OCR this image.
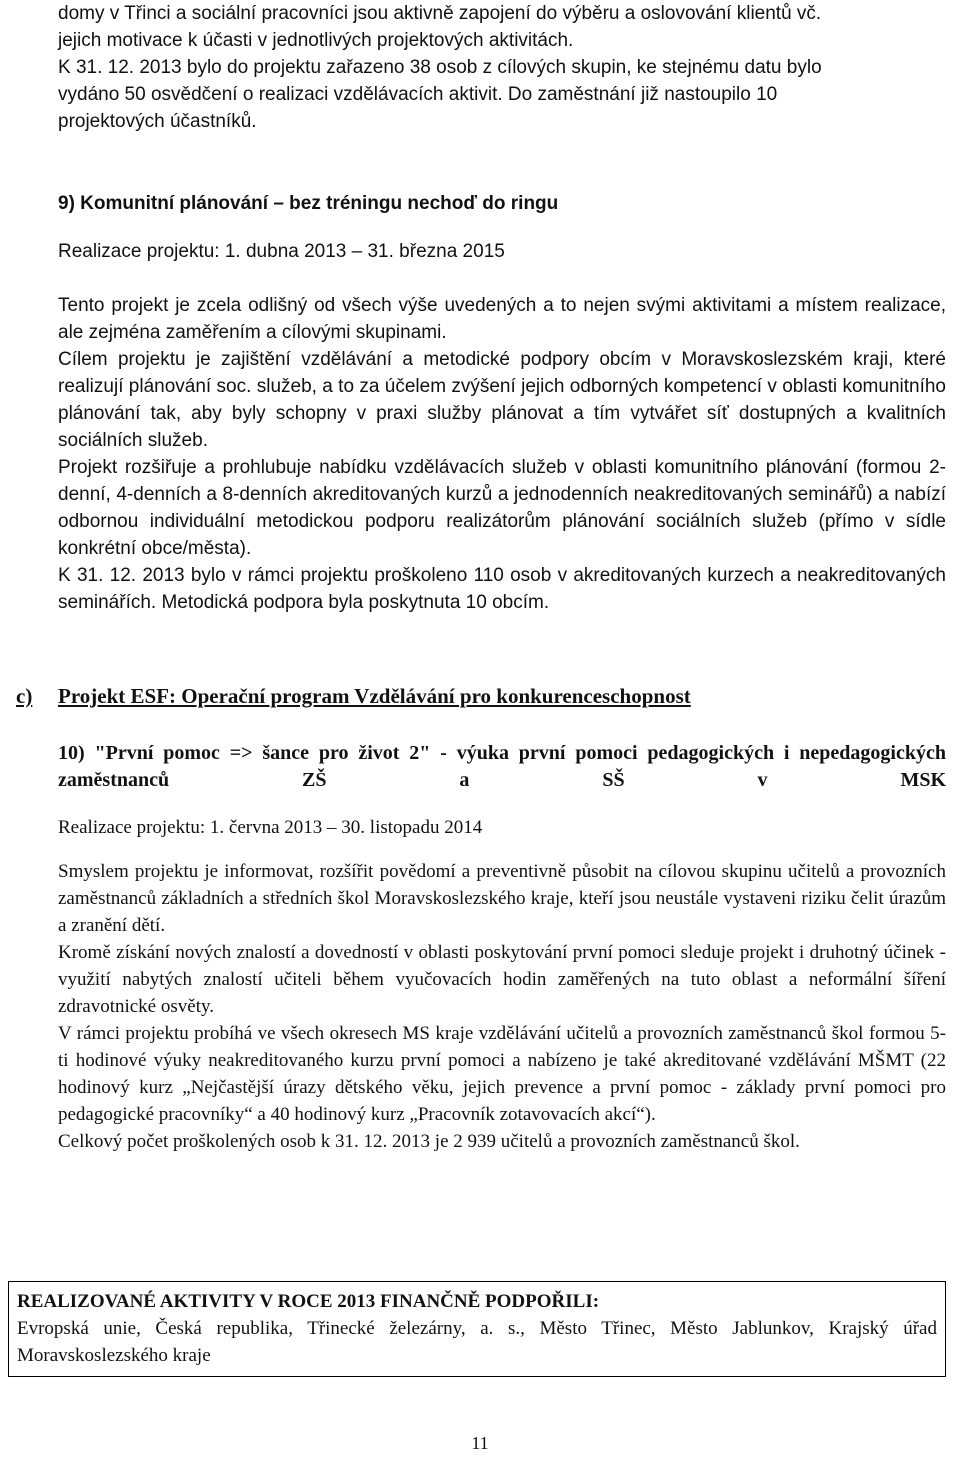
domy v Třinci a sociální pracovníci jsou aktivně zapojení do výběru a oslovování klientů vč.
jejich motivace k účasti v jednotlivých projektových aktivitách.
K 31. 12. 2013 bylo do projektu zařazeno 38 osob z cílových skupin, ke stejnému datu bylo
vydáno 50 osvědčení o realizaci vzdělávacích aktivit. Do zaměstnání již nastoupilo 10
projektových účastníků.
9) Komunitní plánování – bez tréningu nechoď do ringu
Realizace projektu: 1. dubna 2013 – 31. března 2015

Tento projekt je zcela odlišný od všech výše uvedených a to nejen svými aktivitami a místem realizace, ale zejména zaměřením a cílovými skupinami.

Cílem projektu je zajištění vzdělávání a metodické podpory obcím v Moravskoslezském kraji, které realizují plánování soc. služeb, a to za účelem zvýšení jejich odborných kompetencí v oblasti komunitního plánování tak, aby byly schopny v praxi služby plánovat a tím vytvářet síť dostupných a kvalitních sociálních služeb.

Projekt rozšiřuje a prohlubuje nabídku vzdělávacích služeb v oblasti komunitního plánování (formou 2-denní, 4-denních a 8-denních akreditovaných kurzů a jednodenních neakreditovaných seminářů) a nabízí odbornou individuální metodickou podporu realizátorům plánování sociálních služeb (přímo v sídle konkrétní obce/města).

K 31. 12. 2013 bylo v rámci projektu proškoleno 110 osob v akreditovaných kurzech a neakreditovaných seminářích. Metodická podpora byla poskytnuta 10 obcím.

c) Projekt ESF: Operační program Vzdělávání pro konkurenceschopnost
10) "První pomoc => šance pro život 2" - výuka první pomoci pedagogických i nepedagogických zaměstnanců ZŠ a SŠ v MSK
Realizace projektu: 1. června 2013 – 30. listopadu 2014

Smyslem projektu je informovat, rozšířit povědomí a preventivně působit na cílovou skupinu učitelů a provozních zaměstnanců základních a středních škol Moravskoslezského kraje, kteří jsou neustále vystaveni riziku čelit úrazům a zranění dětí.

Kromě získání nových znalostí a dovedností v oblasti poskytování první pomoci sleduje projekt i druhotný účinek - využití nabytých znalostí učiteli během vyučovacích hodin zaměřených na tuto oblast a neformální šíření zdravotnické osvěty.

V rámci projektu probíhá ve všech okresech MS kraje vzdělávání učitelů a provozních zaměstnanců škol formou 5-ti hodinové výuky neakreditovaného kurzu první pomoci a nabízeno je také akreditované vzdělávání MŠMT (22 hodinový kurz „Nejčastější úrazy dětského věku, jejich prevence a první pomoc - základy první pomoci pro pedagogické pracovníky“ a 40 hodinový kurz „Pracovník zotavovacích akcí“).

Celkový počet proškolených osob k 31. 12. 2013 je 2 939 učitelů a provozních zaměstnanců škol.

REALIZOVANÉ AKTIVITY V ROCE 2013 FINANČNĚ PODPOŘILI:
Evropská unie, Česká republika, Třinecké železárny, a. s., Město Třinec, Město Jablunkov, Krajský úřad Moravskoslezského kraje
11
